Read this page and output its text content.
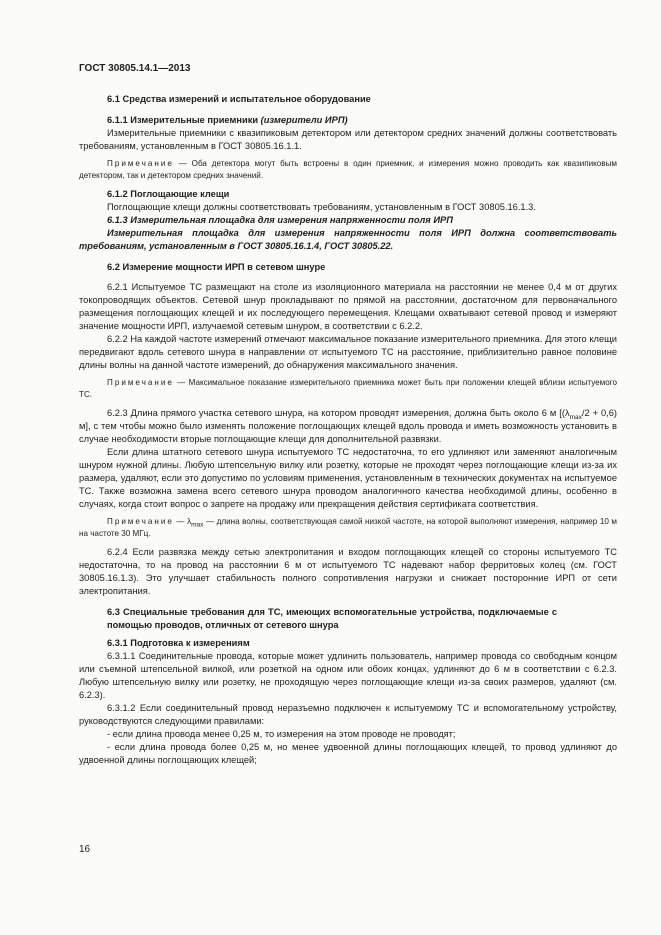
ГОСТ 30805.14.1—2013

6.1 Средства измерений и испытательное оборудование

6.1.1 Измерительные приемники (измерители ИРП)

Измерительные приемники с квазипиковым детектором или детектором средних значений должны соответствовать требованиям, установленным в ГОСТ 30805.16.1.1.

Примечание — Оба детектора могут быть встроены в один приемник, и измерения можно проводить как квазипиковым детектором, так и детектором средних значений.

6.1.2 Поглощающие клещи

Поглощающие клещи должны соответствовать требованиям, установленным в ГОСТ 30805.16.1.3.

6.1.3 Измерительная площадка для измерения напряженности поля ИРП

Измерительная площадка для измерения напряженности поля ИРП должна соответствовать требованиям, установленным в ГОСТ 30805.16.1.4, ГОСТ 30805.22.

6.2 Измерение мощности ИРП в сетевом шнуре

6.2.1 Испытуемое ТС размещают на столе из изоляционного материала на расстоянии не менее 0,4 м от других токопроводящих объектов. Сетевой шнур прокладывают по прямой на расстоянии, достаточном для первоначального размещения поглощающих клещей и их последующего перемещения. Клещами охватывают сетевой провод и измеряют значение мощности ИРП, излучаемой сетевым шнуром, в соответствии с 6.2.2.

6.2.2 На каждой частоте измерений отмечают максимальное показание измерительного приемника. Для этого клещи передвигают вдоль сетевого шнура в направлении от испытуемого ТС на расстояние, приблизительно равное половине длины волны на данной частоте измерений, до обнаружения максимального значения.

Примечание — Максимальное показание измерительного приемника может быть при положении клещей вблизи испытуемого ТС.

6.2.3 Длина прямого участка сетевого шнура, на котором проводят измерения, должна быть около 6 м [$(\lambda_{max}/2 + 0,6)$ м], с тем чтобы можно было изменять положение поглощающих клещей вдоль провода и иметь возможность установить в случае необходимости вторые поглощающие клещи для дополнительной развязки.

Если длина штатного сетевого шнура испытуемого ТС недостаточна, то его удлиняют или заменяют аналогичным шнуром нужной длины. Любую штепсельную вилку или розетку, которые не проходят через поглощающие клещи из-за их размера, удаляют, если это допустимо по условиям применения, установленным в технических документах на испытуемое ТС. Также возможна замена всего сетевого шнура проводом аналогичного качества необходимой длины, особенно в случаях, когда стоит вопрос о запрете на продажу или прекращения действия сертификата соответствия.

Примечание — $\lambda_{max}$ — длина волны, соответствующая самой низкой частоте, на которой выполняют измерения, например 10 м на частоте 30 МГц.

6.2.4 Если развязка между сетью электропитания и входом поглощающих клещей со стороны испытуемого ТС недостаточна, то на провод на расстоянии 6 м от испытуемого ТС надевают набор ферритовых колец (см. ГОСТ 30805.16.1.3). Это улучшает стабильность полного сопротивления нагрузки и снижает посторонние ИРП от сети электропитания.

6.3 Специальные требования для ТС, имеющих вспомогательные устройства, подключаемые с помощью проводов, отличных от сетевого шнура

6.3.1 Подготовка к измерениям

6.3.1.1 Соединительные провода, которые может удлинить пользователь, например провода со свободным концом или съемной штепсельной вилкой, или розеткой на одном или обоих концах, удлиняют до 6 м в соответствии с 6.2.3. Любую штепсельную вилку или розетку, не проходящую через поглощающие клещи из-за своих размеров, удаляют (см. 6.2.3).

6.3.1.2 Если соединительный провод неразъемно подключен к испытуемому ТС и вспомогательному устройству, руководствуются следующими правилами:

- если длина провода менее 0,25 м, то измерения на этом проводе не проводят;

- если длина провода более 0,25 м, но менее удвоенной длины поглощающих клещей, то провод удлиняют до удвоенной длины поглощающих клещей;

16
